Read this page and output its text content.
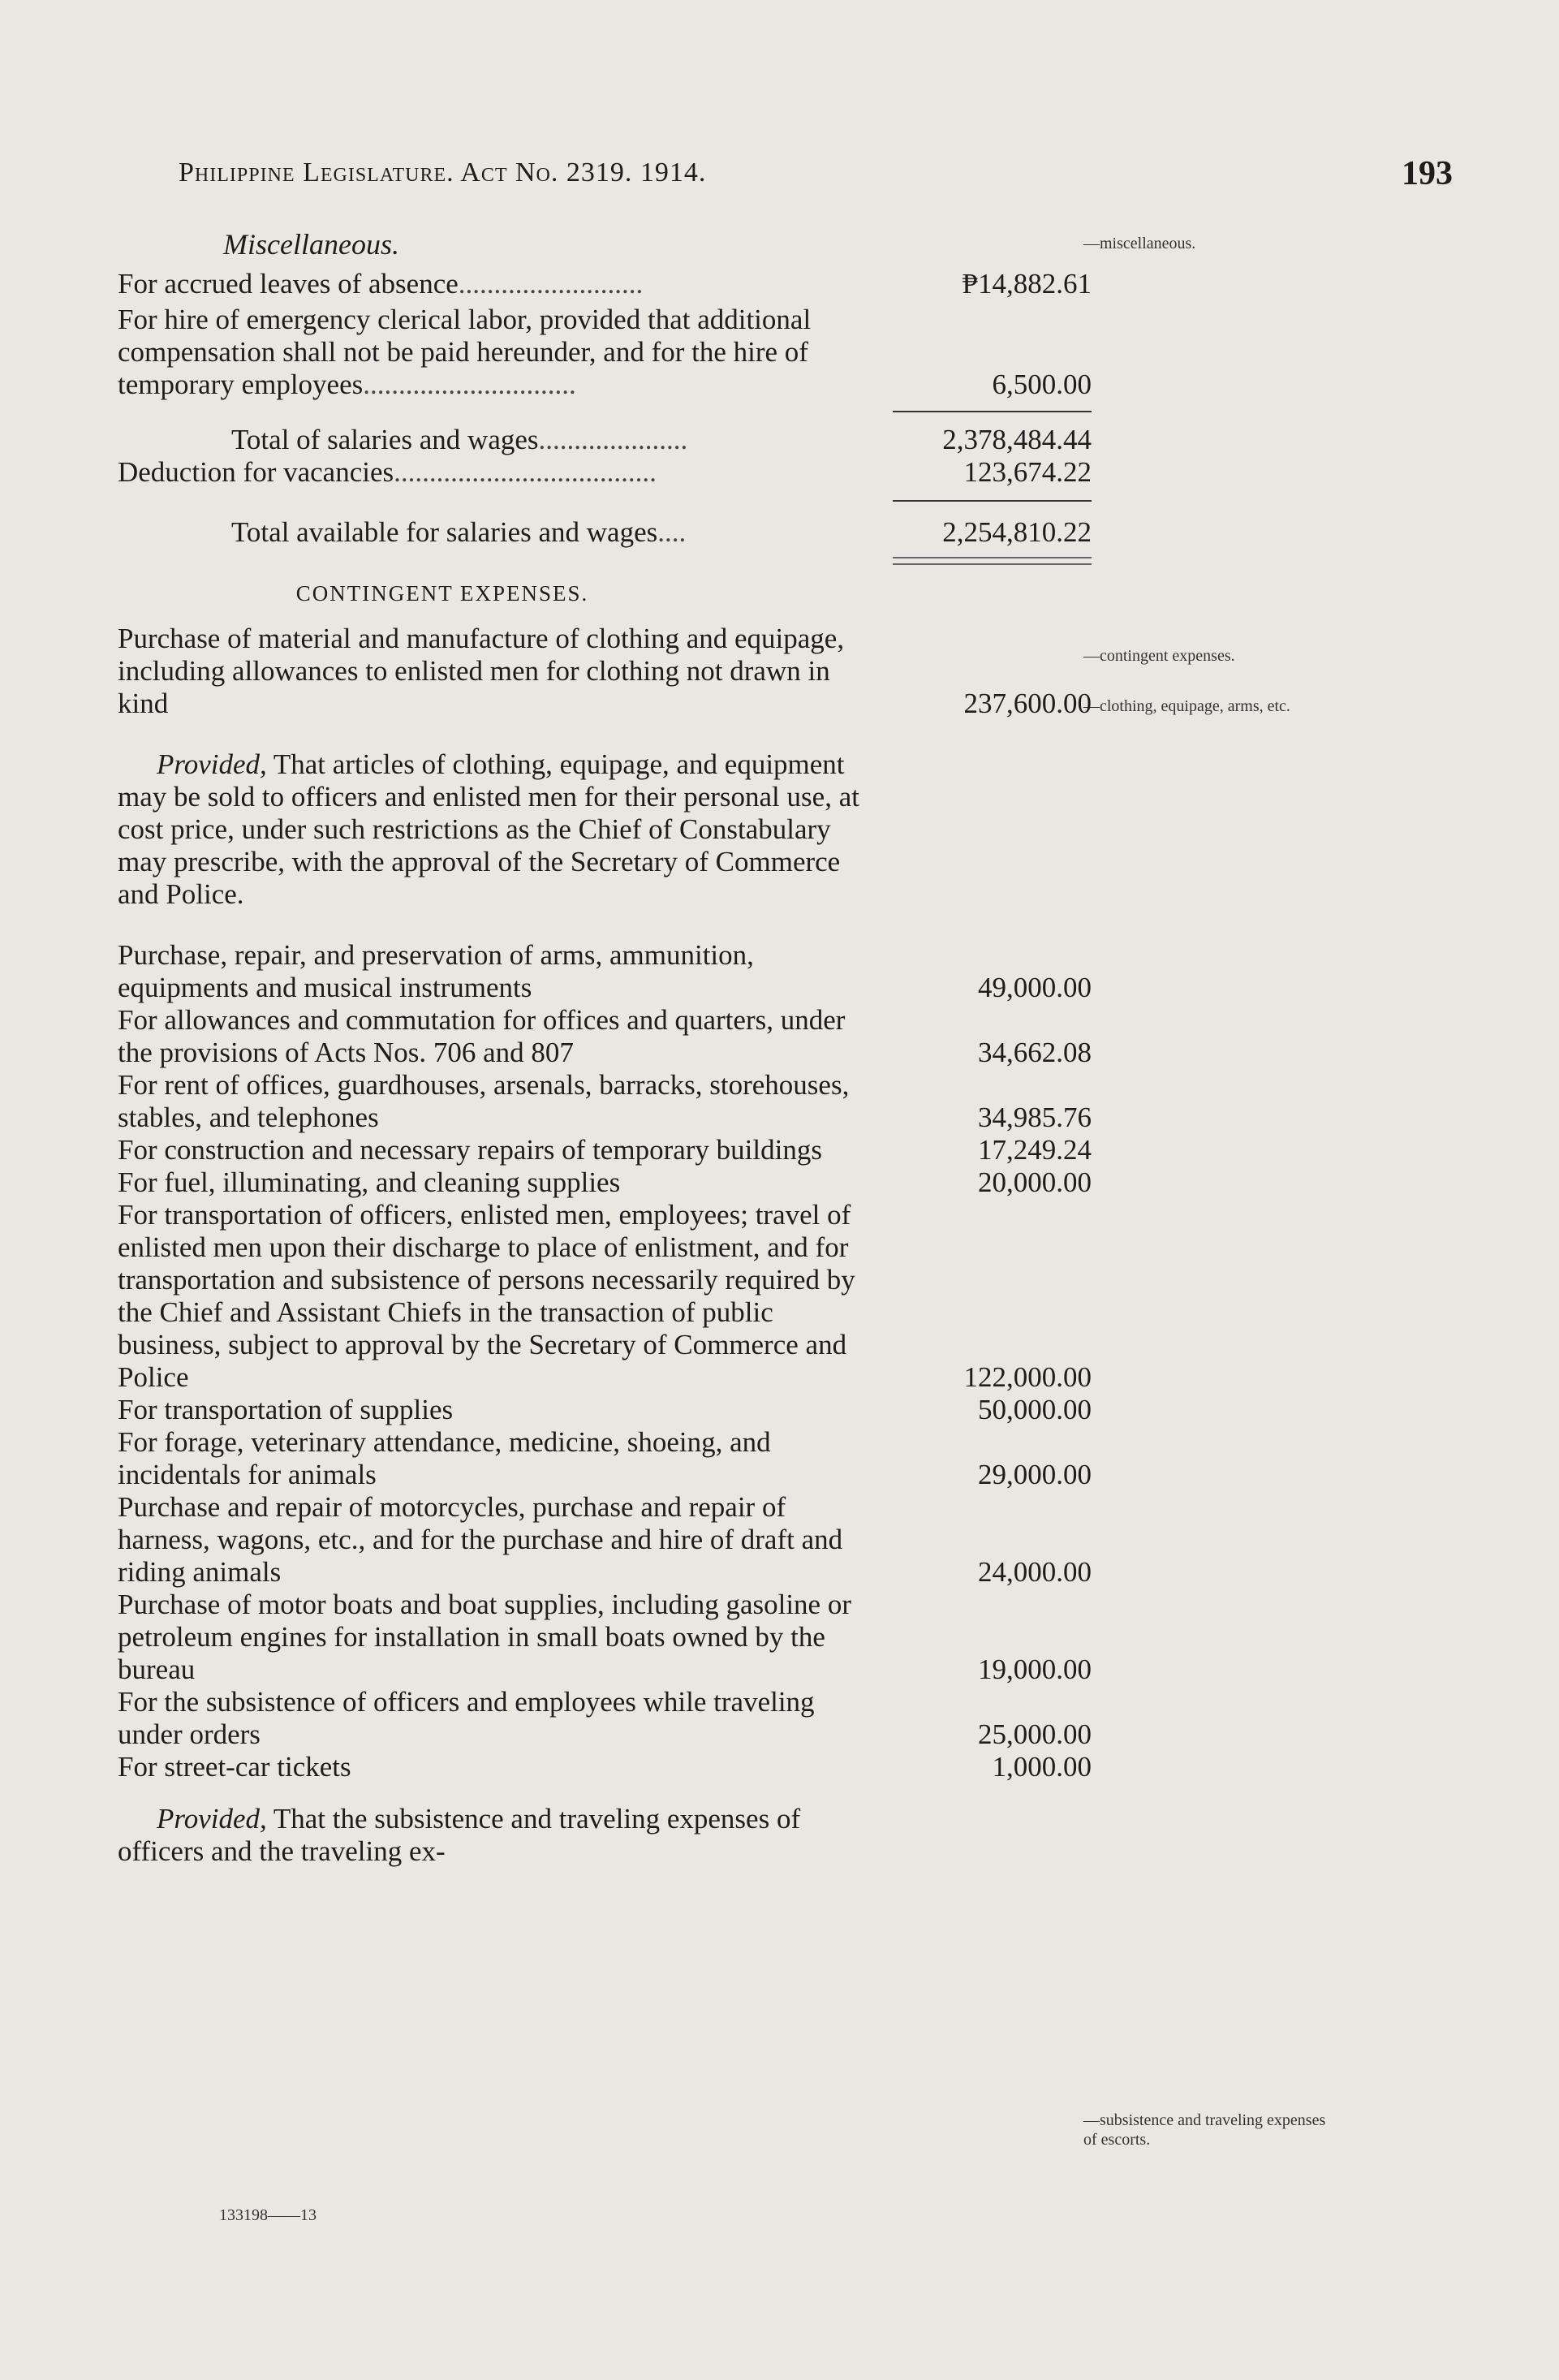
Philippine Legislature. Act No. 2319. 1914.	193
—miscellaneous.
—contingent expenses.
—clothing, equipage, arms, etc.
—subsistence and traveling expenses of escorts.

Miscellaneous.

For accrued leaves of absence..........................	₱14,882.61
For hire of emergency clerical labor, provided that additional compensation shall not be paid hereunder, and for the hire of temporary employees..............................	6,500.00
Total of salaries and wages.....................	2,378,484.44
Deduction for vacancies.....................................	123,674.22
Total available for salaries and wages....	2,254,810.22

CONTINGENT EXPENSES.

Purchase of material and manufacture of clothing and equipage, including allowances to enlisted men for clothing not drawn in kind	237,600.00

Provided, That articles of clothing, equipage, and equipment may be sold to officers and enlisted men for their personal use, at cost price, under such restrictions as the Chief of Constabulary may prescribe, with the approval of the Secretary of Commerce and Police.

Purchase, repair, and preservation of arms, ammunition, equipments and musical instruments	49,000.00
For allowances and commutation for offices and quarters, under the provisions of Acts Nos. 706 and 807	34,662.08
For rent of offices, guardhouses, arsenals, barracks, storehouses, stables, and telephones	34,985.76
For construction and necessary repairs of temporary buildings	17,249.24
For fuel, illuminating, and cleaning supplies	20,000.00
For transportation of officers, enlisted men, employees; travel of enlisted men upon their discharge to place of enlistment, and for transportation and subsistence of persons necessarily required by the Chief and Assistant Chiefs in the transaction of public business, subject to approval by the Secretary of Commerce and Police	122,000.00
For transportation of supplies	50,000.00
For forage, veterinary attendance, medicine, shoeing, and incidentals for animals	29,000.00
Purchase and repair of motorcycles, purchase and repair of harness, wagons, etc., and for the purchase and hire of draft and riding animals	24,000.00
Purchase of motor boats and boat supplies, including gasoline or petroleum engines for installation in small boats owned by the bureau	19,000.00
For the subsistence of officers and employees while traveling under orders	25,000.00
For street-car tickets	1,000.00

Provided, That the subsistence and traveling expenses of officers and the traveling ex-

133198——13
